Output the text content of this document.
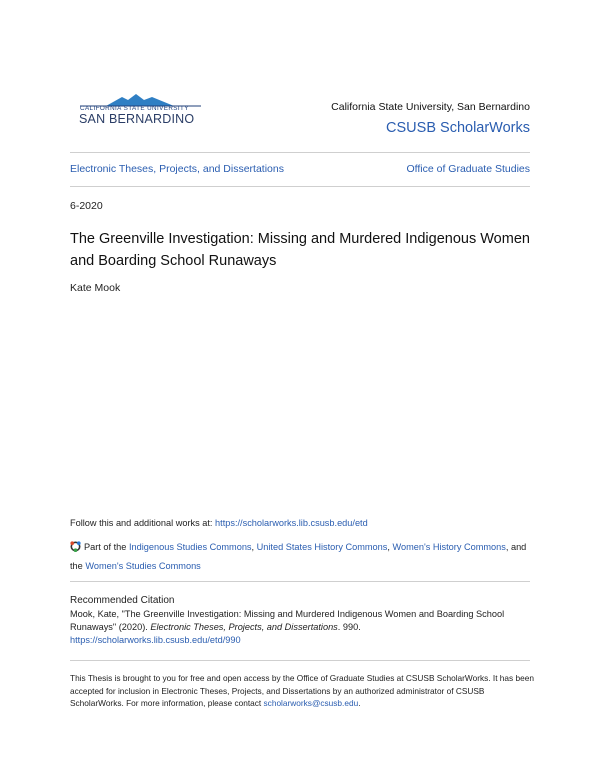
CALIFORNIA STATE UNIVERSITY
SAN BERNARDINO
California State University, San Bernardino
CSUSB ScholarWorks
Electronic Theses, Projects, and Dissertations	Office of Graduate Studies
6-2020
The Greenville Investigation: Missing and Murdered Indigenous Women and Boarding School Runaways
Kate Mook
Follow this and additional works at: https://scholarworks.lib.csusb.edu/etd
Part of the Indigenous Studies Commons, United States History Commons, Women's History Commons, and the Women's Studies Commons
Recommended Citation
Mook, Kate, "The Greenville Investigation: Missing and Murdered Indigenous Women and Boarding School Runaways" (2020). Electronic Theses, Projects, and Dissertations. 990.
https://scholarworks.lib.csusb.edu/etd/990
This Thesis is brought to you for free and open access by the Office of Graduate Studies at CSUSB ScholarWorks. It has been accepted for inclusion in Electronic Theses, Projects, and Dissertations by an authorized administrator of CSUSB ScholarWorks. For more information, please contact scholarworks@csusb.edu.
